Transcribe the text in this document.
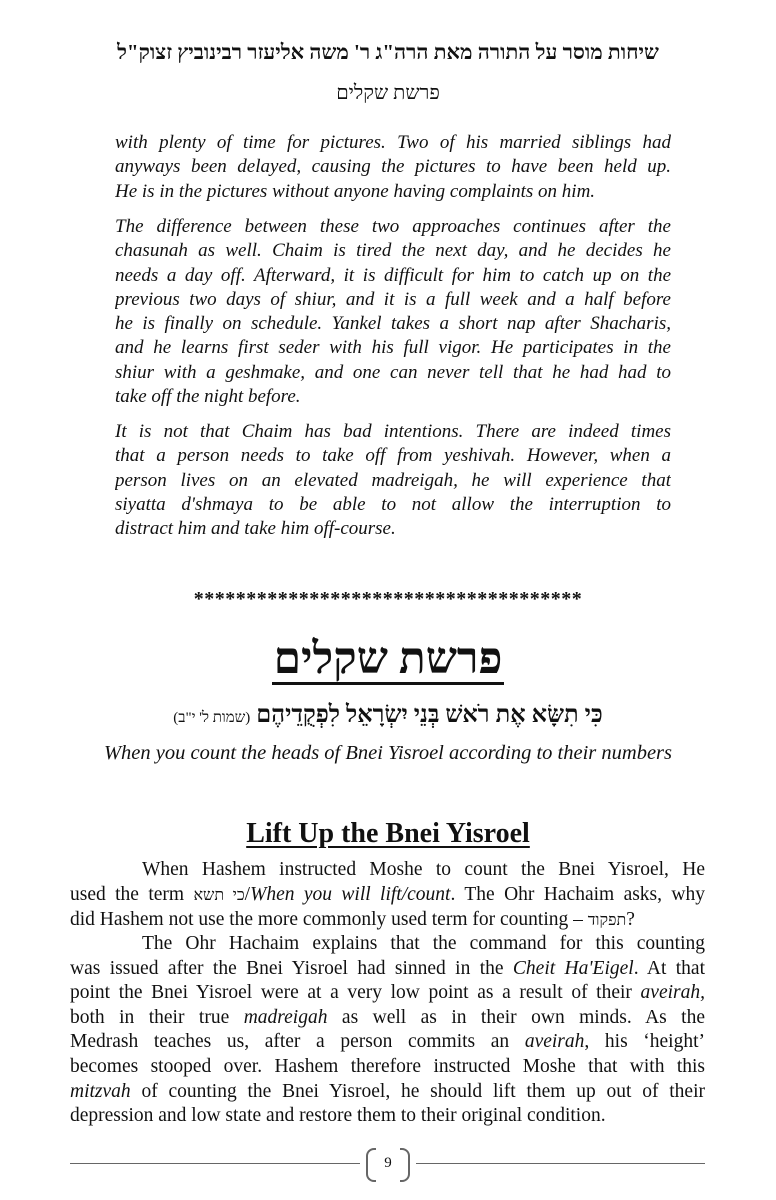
שיחות מוסר על התורה מאת הרה"ג ר' משה אליעזר רבינוביץ זצוק"ל
פרשת שקלים
with plenty of time for pictures. Two of his married siblings had
anyways been delayed, causing the pictures to have been held up.
He is in the pictures without anyone having complaints on him.
The difference between these two approaches continues after the
chasunah as well. Chaim is tired the next day, and he decides he
needs a day off. Afterward, it is difficult for him to catch up on the
previous two days of shiur, and it is a full week and a half before
he is finally on schedule. Yankel takes a short nap after Shacharis,
and he learns first seder with his full vigor. He participates in the
shiur with a geshmake, and one can never tell that he had had to
take off the night before.
It is not that Chaim has bad intentions. There are indeed times
that a person needs to take off from yeshivah. However, when a
person lives on an elevated madreigah, he will experience that
siyatta d'shmaya to be able to not allow the interruption to
distract him and take him off-course.
*************************************
פרשת שקלים
כִּי תִשָּׂא אֶת רֹאשׁ בְּנֵי יִשְׂרָאֵל לִפְקֻדֵיהֶם (שמות ל' י"ב)
When you count the heads of Bnei Yisroel according to their numbers
Lift Up the Bnei Yisroel
When Hashem instructed Moshe to count the Bnei Yisroel, He
used the term כי תשא/When you will lift/count. The Ohr Hachaim asks, why
did Hashem not use the more commonly used term for counting – תפקוד?
The Ohr Hachaim explains that the command for this counting
was issued after the Bnei Yisroel had sinned in the Cheit Ha'Eigel. At that
point the Bnei Yisroel were at a very low point as a result of their aveirah,
both in their true madreigah as well as in their own minds. As the
Medrash teaches us, after a person commits an aveirah, his ‘height’
becomes stooped over. Hashem therefore instructed Moshe that with this
mitzvah of counting the Bnei Yisroel, he should lift them up out of their
depression and low state and restore them to their original condition.
9
